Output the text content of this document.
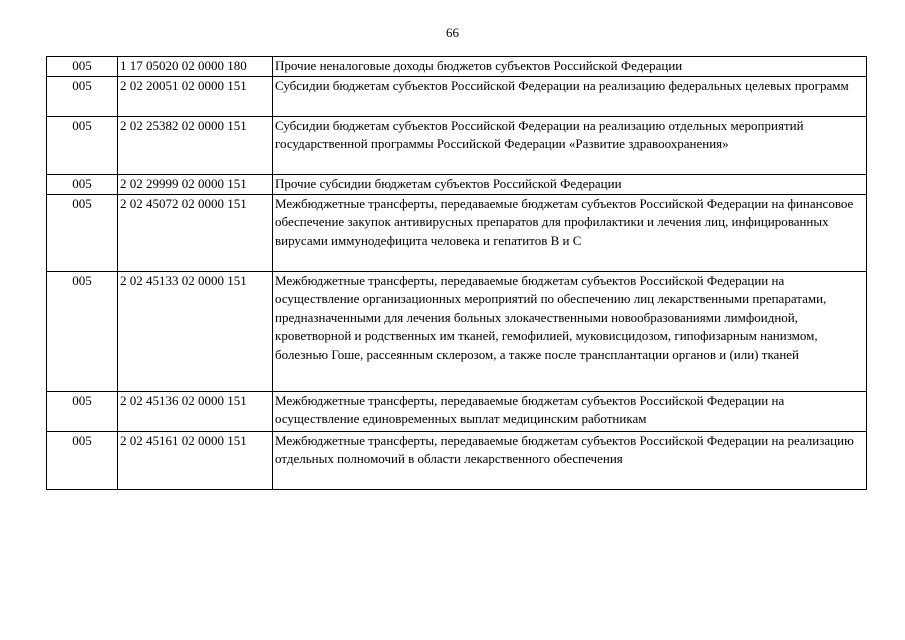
66
005	1 17 05020 02 0000 180	Прочие неналоговые доходы бюджетов субъектов Российской Федерации
005	2 02 20051 02 0000 151	Субсидии бюджетам субъектов Российской Федерации на реализацию федеральных целевых программ
005	2 02 25382 02 0000 151	Субсидии бюджетам субъектов Российской Федерации на реализацию отдельных мероприятий государственной программы Российской Федерации «Развитие здравоохранения»
005	2 02 29999 02 0000 151	Прочие субсидии бюджетам субъектов Российской Федерации
005	2 02 45072 02 0000 151	Межбюджетные трансферты, передаваемые бюджетам субъектов Российской Федерации на финансовое обеспечение закупок антивирусных препаратов для профилактики и лечения лиц, инфицированных вирусами иммунодефицита человека и гепатитов B и C
005	2 02 45133 02 0000 151	Межбюджетные трансферты, передаваемые бюджетам субъектов Российской Федерации на осуществление организационных мероприятий по обеспечению лиц лекарственными препаратами, предназначенными для лечения больных злокачественными новообразованиями лимфоидной, кроветворной и родственных им тканей, гемофилией, муковисцидозом, гипофизарным нанизмом, болезнью Гоше, рассеянным склерозом, а также после трансплантации органов и (или) тканей
005	2 02 45136 02 0000 151	Межбюджетные трансферты, передаваемые бюджетам субъектов Российской Федерации на осуществление единовременных выплат медицинским работникам
005	2 02 45161 02 0000 151	Межбюджетные трансферты, передаваемые бюджетам субъектов Российской Федерации на реализацию отдельных полномочий в области лекарственного обеспечения
